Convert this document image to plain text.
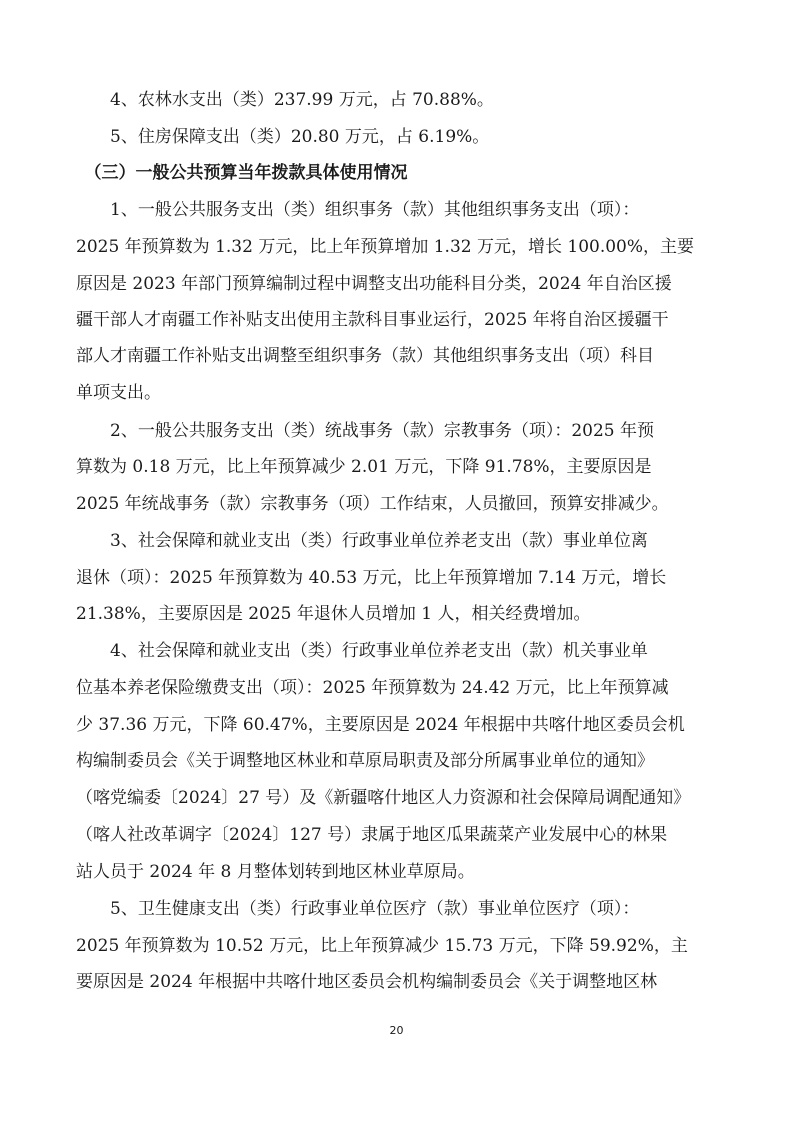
　　4、农林水支出（类）237.99 万元，占 70.88%。
　　5、住房保障支出（类）20.80 万元，占 6.19%。
　（三）一般公共预算当年拨款具体使用情况
　　1、一般公共服务支出（类）组织事务（款）其他组织事务支出（项）：
2025 年预算数为 1.32 万元，比上年预算增加 1.32 万元，增长 100.00%，主要
原因是 2023 年部门预算编制过程中调整支出功能科目分类，2024 年自治区援
疆干部人才南疆工作补贴支出使用主款科目事业运行，2025 年将自治区援疆干
部人才南疆工作补贴支出调整至组织事务（款）其他组织事务支出（项）科目
单项支出。
　　2、一般公共服务支出（类）统战事务（款）宗教事务（项）：2025 年预
算数为 0.18 万元，比上年预算减少 2.01 万元，下降 91.78%，主要原因是
2025 年统战事务（款）宗教事务（项）工作结束，人员撤回，预算安排减少。
　　3、社会保障和就业支出（类）行政事业单位养老支出（款）事业单位离
退休（项）：2025 年预算数为 40.53 万元，比上年预算增加 7.14 万元，增长
21.38%，主要原因是 2025 年退休人员增加 1 人，相关经费增加。
　　4、社会保障和就业支出（类）行政事业单位养老支出（款）机关事业单
位基本养老保险缴费支出（项）：2025 年预算数为 24.42 万元，比上年预算减
少 37.36 万元，下降 60.47%，主要原因是 2024 年根据中共喀什地区委员会机
构编制委员会《关于调整地区林业和草原局职责及部分所属事业单位的通知》
（喀党编委〔2024〕27 号）及《新疆喀什地区人力资源和社会保障局调配通知》
（喀人社改革调字〔2024〕127 号）隶属于地区瓜果蔬菜产业发展中心的林果
站人员于 2024 年 8 月整体划转到地区林业草原局。
　　5、卫生健康支出（类）行政事业单位医疗（款）事业单位医疗（项）：
2025 年预算数为 10.52 万元，比上年预算减少 15.73 万元，下降 59.92%，主
要原因是 2024 年根据中共喀什地区委员会机构编制委员会《关于调整地区林
20
